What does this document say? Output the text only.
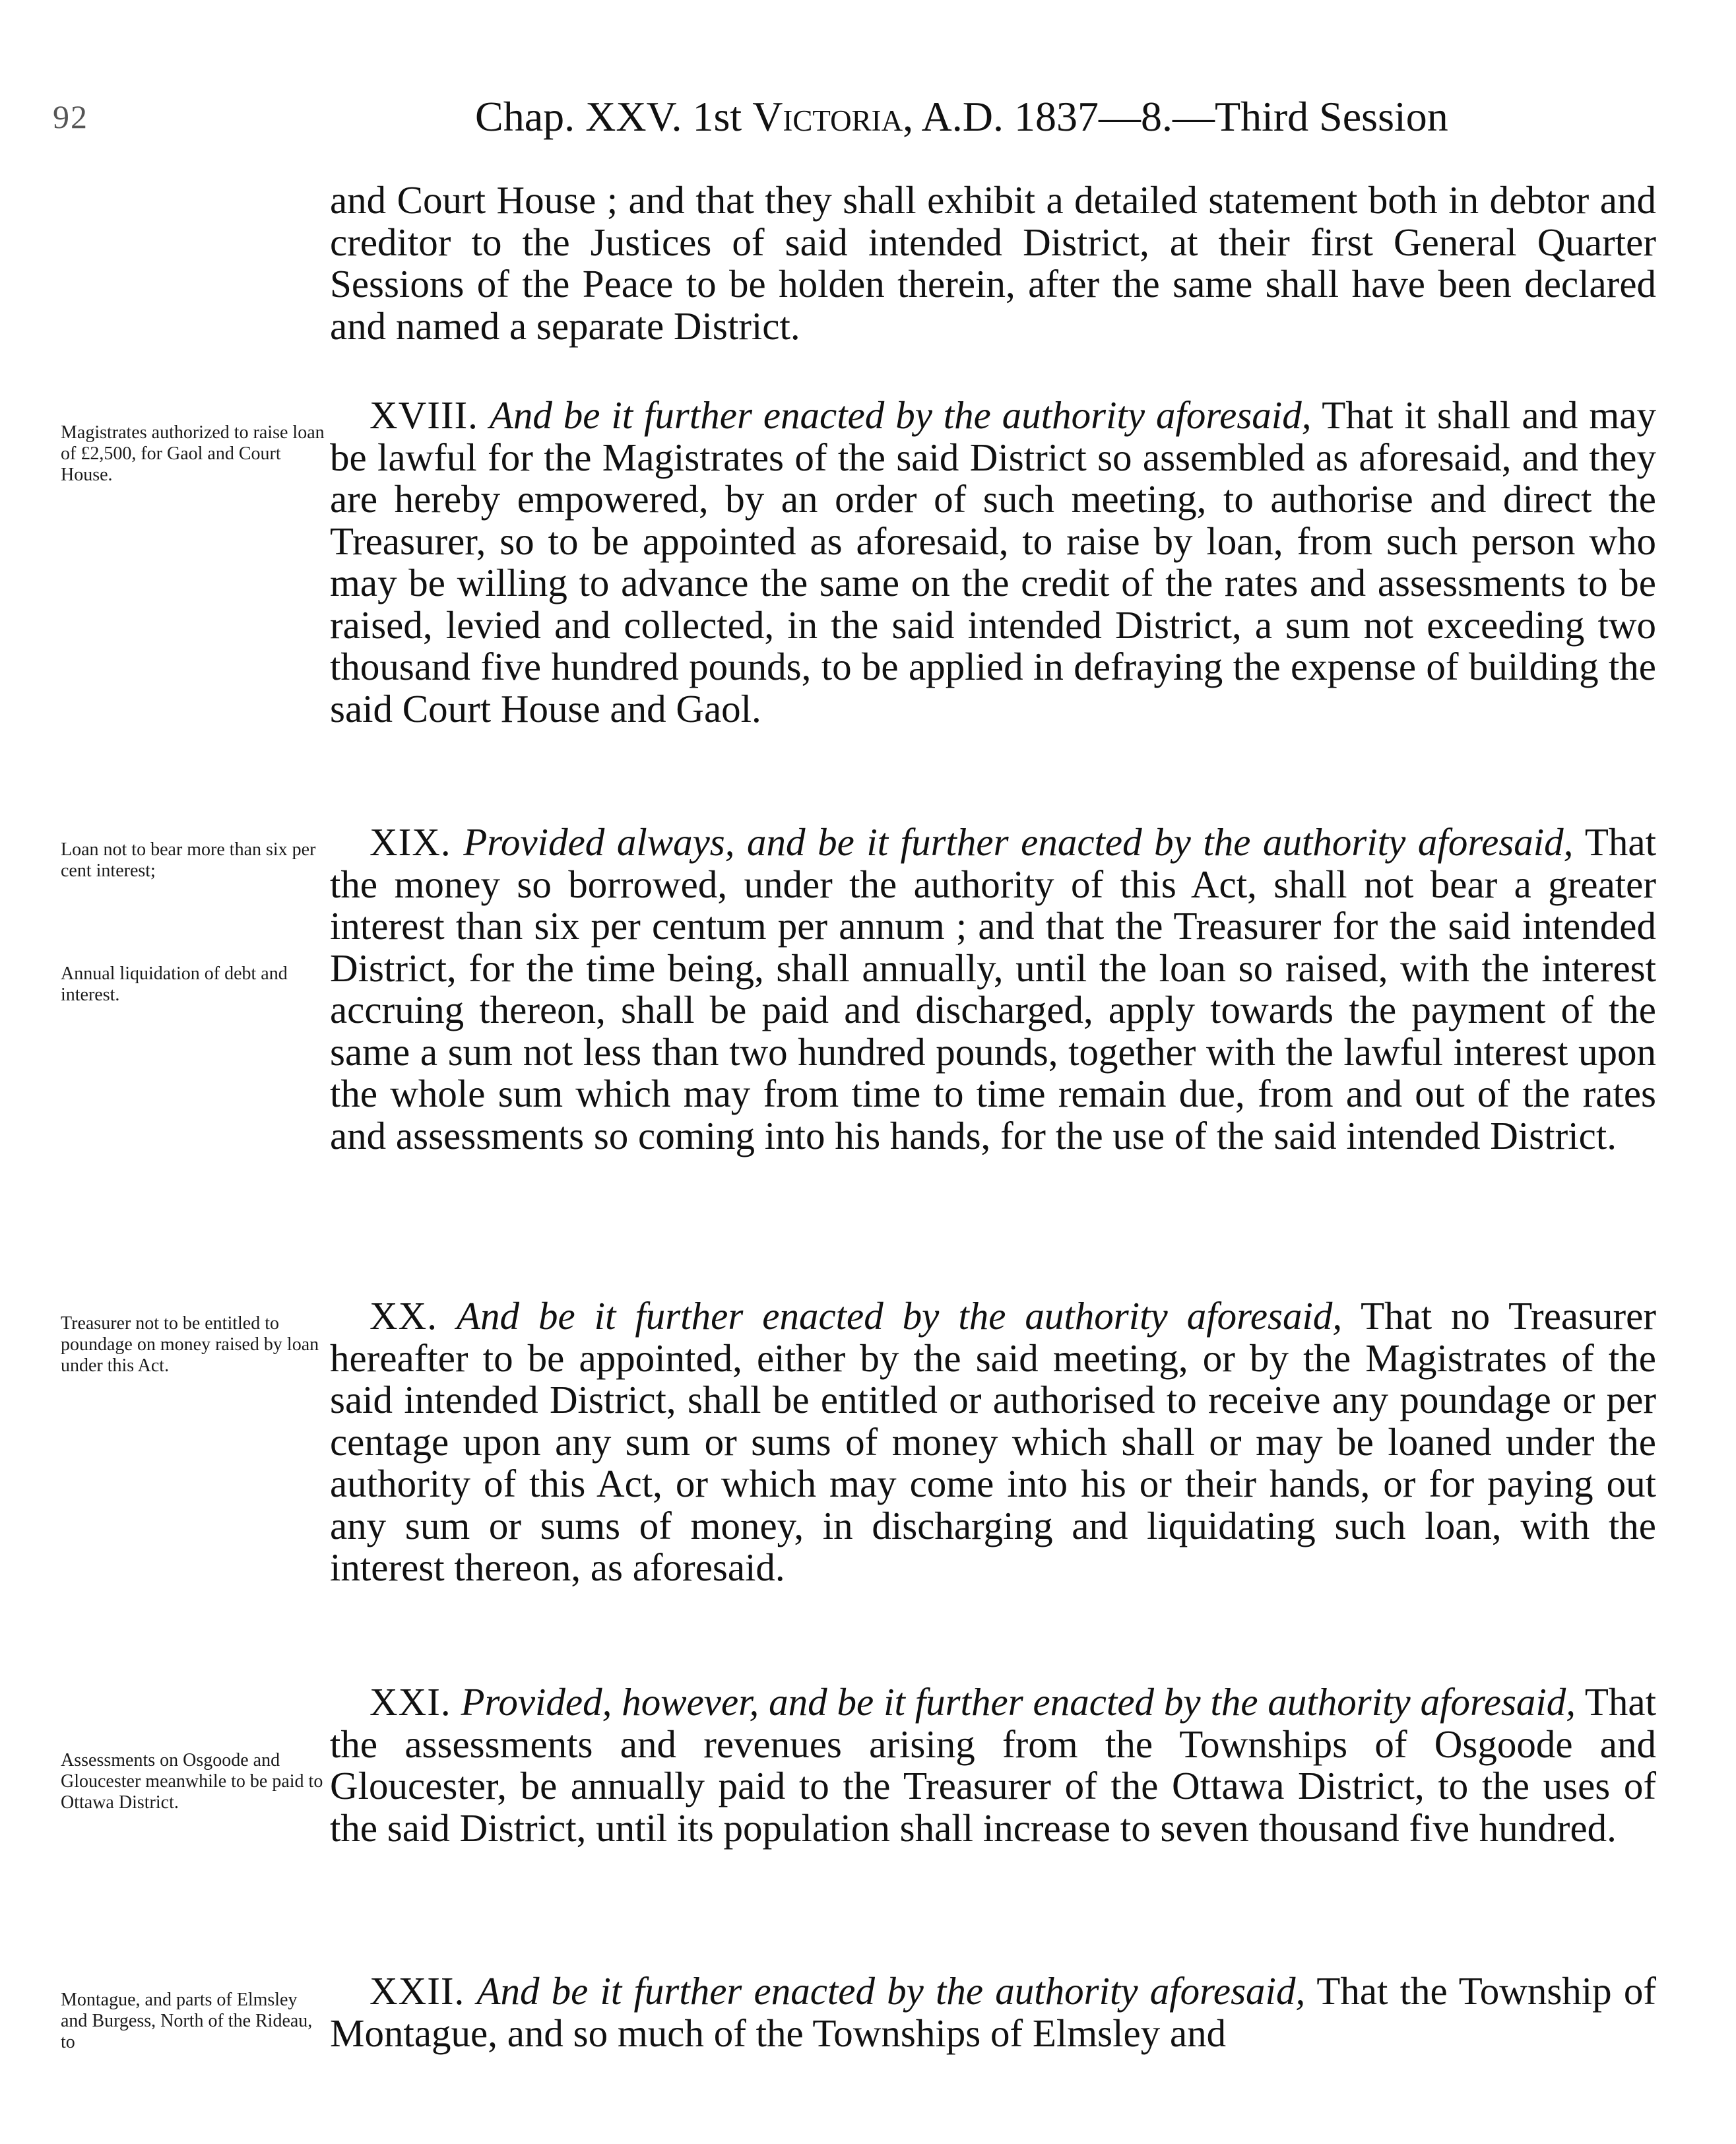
92	Chap. XXV. 1st Victoria, A.D. 1837—8.—Third Session

and Court House ; and that they shall exhibit a detailed statement both in debtor and creditor to the Justices of said intended District, at their first General Quarter Sessions of the Peace to be holden therein, after the same shall have been declared and named a separate District.

Magistrates authorized to raise loan of £2,500, for Gaol and Court House.

XVIII. And be it further enacted by the authority aforesaid, That it shall and may be lawful for the Magistrates of the said District so assembled as aforesaid, and they are hereby empowered, by an order of such meeting, to authorise and direct the Treasurer, so to be appointed as aforesaid, to raise by loan, from such person who may be willing to advance the same on the credit of the rates and assessments to be raised, levied and collected, in the said intended District, a sum not exceeding two thousand five hundred pounds, to be applied in defraying the expense of building the said Court House and Gaol.

Loan not to bear more than six per cent interest;
Annual liquidation of debt and interest.

XIX. Provided always, and be it further enacted by the authority aforesaid, That the money so borrowed, under the authority of this Act, shall not bear a greater interest than six per centum per annum ; and that the Treasurer for the said intended District, for the time being, shall annually, until the loan so raised, with the interest accruing thereon, shall be paid and discharged, apply towards the payment of the same a sum not less than two hundred pounds, together with the lawful interest upon the whole sum which may from time to time remain due, from and out of the rates and assessments so coming into his hands, for the use of the said intended District.

Treasurer not to be entitled to poundage on money raised by loan under this Act.

XX. And be it further enacted by the authority aforesaid, That no Treasurer hereafter to be appointed, either by the said meeting, or by the Magistrates of the said intended District, shall be entitled or authorised to receive any poundage or per centage upon any sum or sums of money which shall or may be loaned under the authority of this Act, or which may come into his or their hands, or for paying out any sum or sums of money, in discharging and liquidating such loan, with the interest thereon, as aforesaid.

Assessments on Osgoode and Gloucester meanwhile to be paid to Ottawa District.

XXI. Provided, however, and be it further enacted by the authority aforesaid, That the assessments and revenues arising from the Townships of Osgoode and Gloucester, be annually paid to the Treasurer of the Ottawa District, to the uses of the said District, until its population shall increase to seven thousand five hundred.

Montague, and parts of Elmsley and Burgess, North of the Rideau, to

XXII. And be it further enacted by the authority aforesaid, That the Township of Montague, and so much of the Townships of Elmsley and
